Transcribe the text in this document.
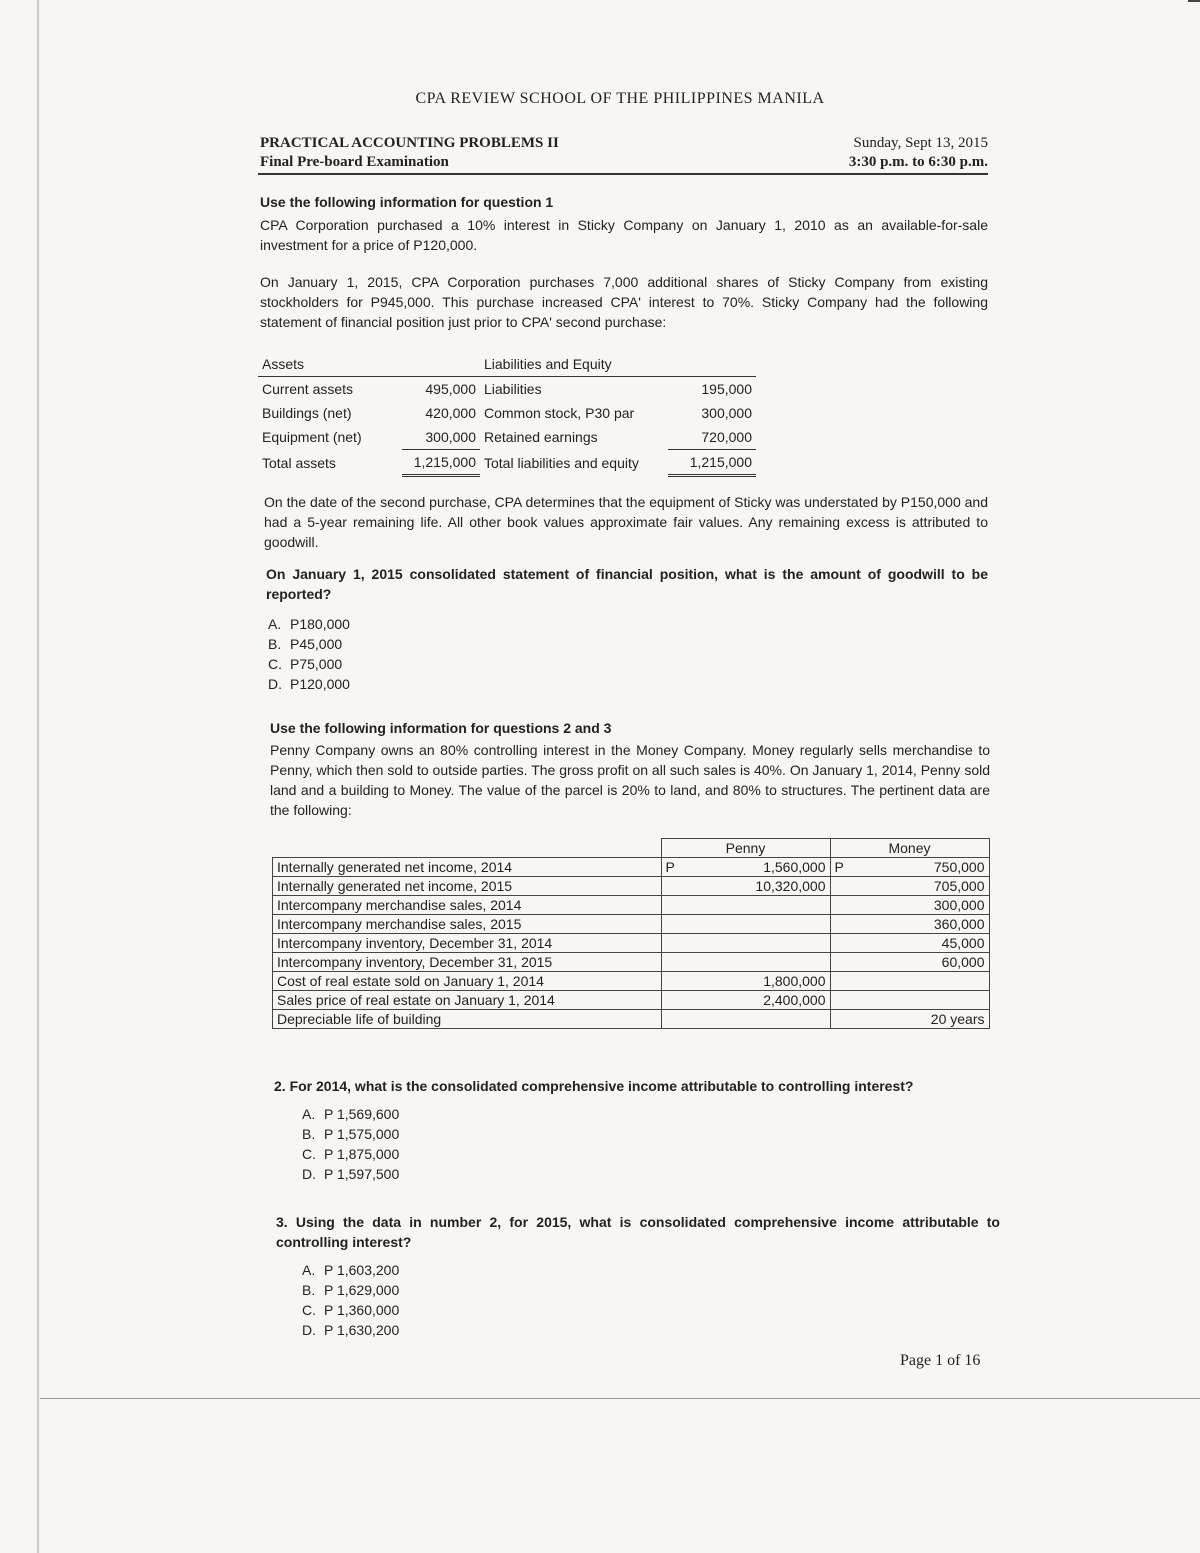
CPA REVIEW SCHOOL OF THE PHILIPPINES MANILA
PRACTICAL ACCOUNTING PROBLEMS II
Final Pre-board Examination
Sunday, Sept 13, 2015
3:30 p.m. to 6:30 p.m.
Use the following information for question 1
CPA Corporation purchased a 10% interest in Sticky Company on January 1, 2010 as an available-for-sale investment for a price of P120,000.
On January 1, 2015, CPA Corporation purchases 7,000 additional shares of Sticky Company from existing stockholders for P945,000. This purchase increased CPA' interest to 70%. Sticky Company had the following statement of financial position just prior to CPA' second purchase:
Assets		Liabilities and Equity	
Current assets	495,000	Liabilities	195,000
Buildings (net)	420,000	Common stock, P30 par	300,000
Equipment (net)	300,000	Retained earnings	720,000
Total assets	1,215,000	Total liabilities and equity	1,215,000
On the date of the second purchase, CPA determines that the equipment of Sticky was understated by P150,000 and had a 5-year remaining life. All other book values approximate fair values. Any remaining excess is attributed to goodwill.
On January 1, 2015 consolidated statement of financial position, what is the amount of goodwill to be reported?
A. P180,000
B. P45,000
C. P75,000
D. P120,000
Use the following information for questions 2 and 3
Penny Company owns an 80% controlling interest in the Money Company. Money regularly sells merchandise to Penny, which then sold to outside parties. The gross profit on all such sales is 40%. On January 1, 2014, Penny sold land and a building to Money. The value of the parcel is 20% to land, and 80% to structures. The pertinent data are the following:
	Penny	Money
Internally generated net income, 2014	P 1,560,000	P 750,000
Internally generated net income, 2015	10,320,000	705,000
Intercompany merchandise sales, 2014		300,000
Intercompany merchandise sales, 2015		360,000
Intercompany inventory, December 31, 2014		45,000
Intercompany inventory, December 31, 2015		60,000
Cost of real estate sold on January 1, 2014	1,800,000	
Sales price of real estate on January 1, 2014	2,400,000	
Depreciable life of building		20 years
2. For 2014, what is the consolidated comprehensive income attributable to controlling interest?
A. P 1,569,600
B. P 1,575,000
C. P 1,875,000
D. P 1,597,500
3. Using the data in number 2, for 2015, what is consolidated comprehensive income attributable to controlling interest?
A. P 1,603,200
B. P 1,629,000
C. P 1,360,000
D. P 1,630,200
Page 1 of 16
